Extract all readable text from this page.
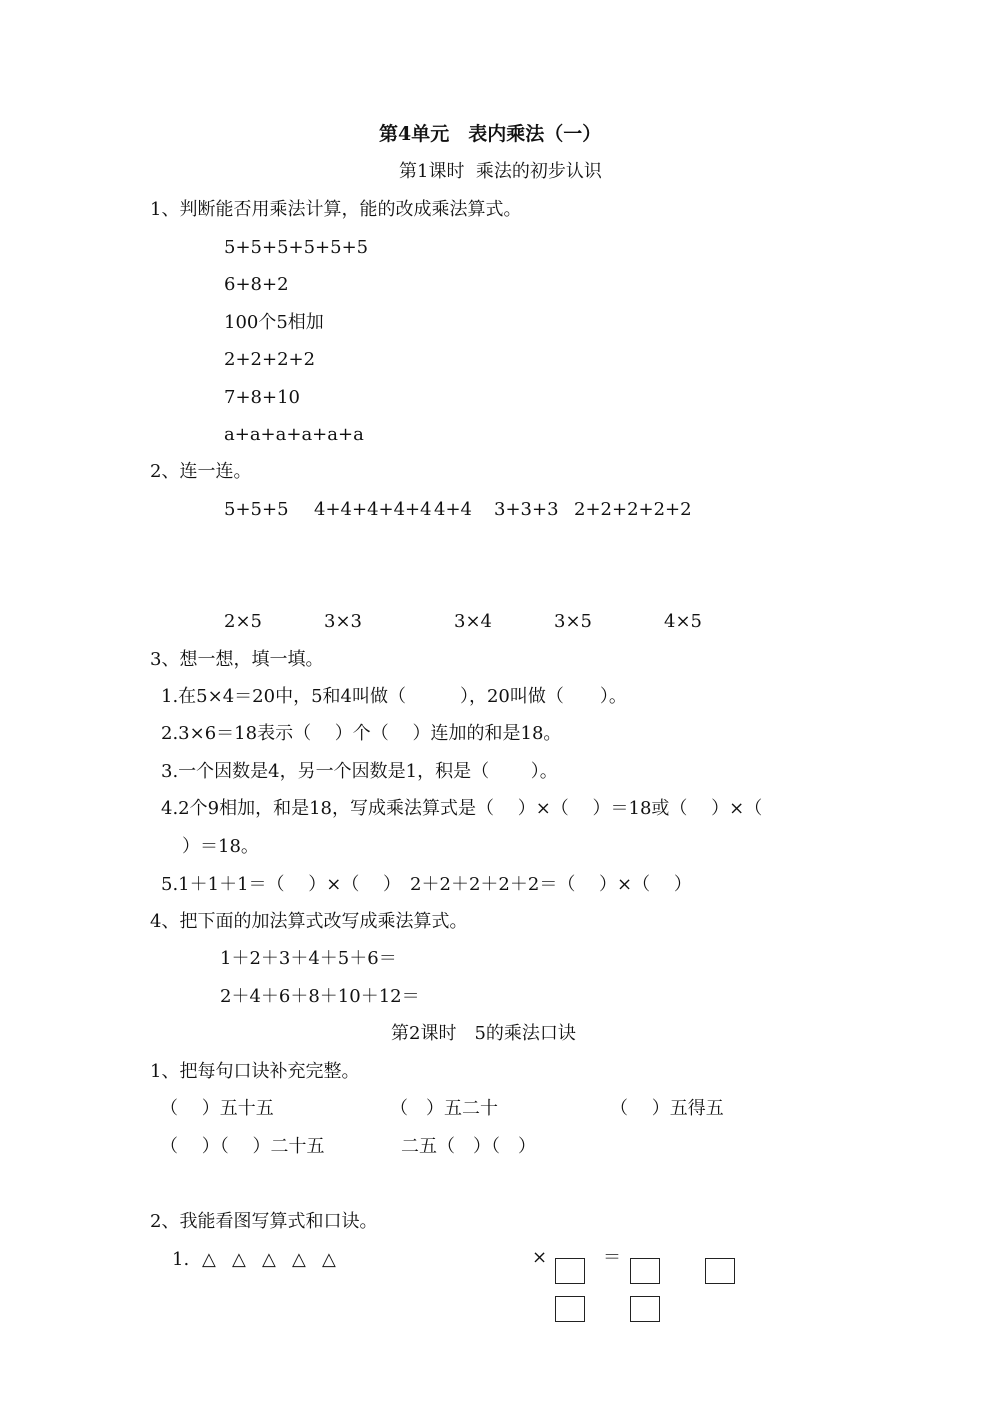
第4单元　表内乘法（一）
第1课时  乘法的初步认识
1、判断能否用乘法计算，能的改成乘法算式。
5+5+5+5+5+5
6+8+2
100个5相加
2+2+2+2
7+8+10
a+a+a+a+a+a
2、连一连。
5+5+5 4+4+4+4+4 4+4 3+3+3 2+2+2+2+2
2×5	3×3	3×4	3×5	4×5
3、想一想，填一填。
1.在5×4＝20中，5和4叫做（　　　），20叫做（　　）。
2.3×6＝18表示（　 ）个（　 ）连加的和是18。
3.一个因数是4，另一个因数是1，积是（　　 ）。
4.2个9相加，和是18，写成乘法算式是（　 ）×（　 ）＝18或（　 ）×（
）＝18。
5.1＋1＋1＝（　 ）×（　 ）　2＋2＋2＋2＋2＝（　 ）×（　 ）
4、把下面的加法算式改写成乘法算式。
1＋2＋3＋4＋5＋6＝
2＋4＋6＋8＋10＋12＝
第2课时　5的乘法口诀
1、把每句口诀补充完整。
（　 ）五十五	（　）五二十	（　 ）五得五
（　 ）（　 ）二十五	二五（　）（　）
2、我能看图写算式和口诀。
1. △ △ △ △ △	×	＝
